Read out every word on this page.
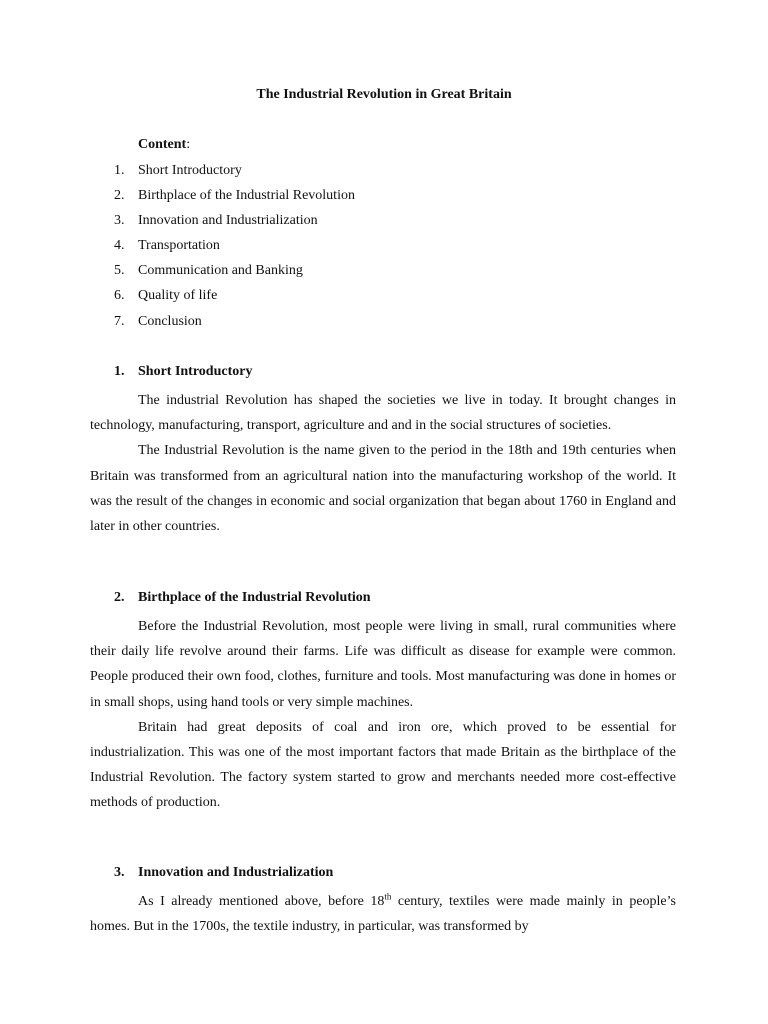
The Industrial Revolution in Great Britain
Content:
1. Short Introductory
2. Birthplace of the Industrial Revolution
3. Innovation and Industrialization
4. Transportation
5. Communication and Banking
6. Quality of life
7. Conclusion
1. Short Introductory

The industrial Revolution has shaped the societies we live in today. It brought changes in technology, manufacturing, transport, agriculture and and in the social structures of societies.

The Industrial Revolution is the name given to the period in the 18th and 19th centuries when Britain was transformed from an agricultural nation into the manufacturing workshop of the world. It was the result of the changes in economic and social organization that began about 1760 in England and later in other countries.

2. Birthplace of the Industrial Revolution

Before the Industrial Revolution, most people were living in small, rural communities where their daily life revolve around their farms. Life was difficult as disease for example were common. People produced their own food, clothes, furniture and tools. Most manufacturing was done in homes or in small shops, using hand tools or very simple machines.

Britain had great deposits of coal and iron ore, which proved to be essential for industrialization. This was one of the most important factors that made Britain as the birthplace of the Industrial Revolution. The factory system started to grow and merchants needed more cost-effective methods of production.

3. Innovation and Industrialization

As I already mentioned above, before 18th century, textiles were made mainly in people’s homes. But in the 1700s, the textile industry, in particular, was transformed by
